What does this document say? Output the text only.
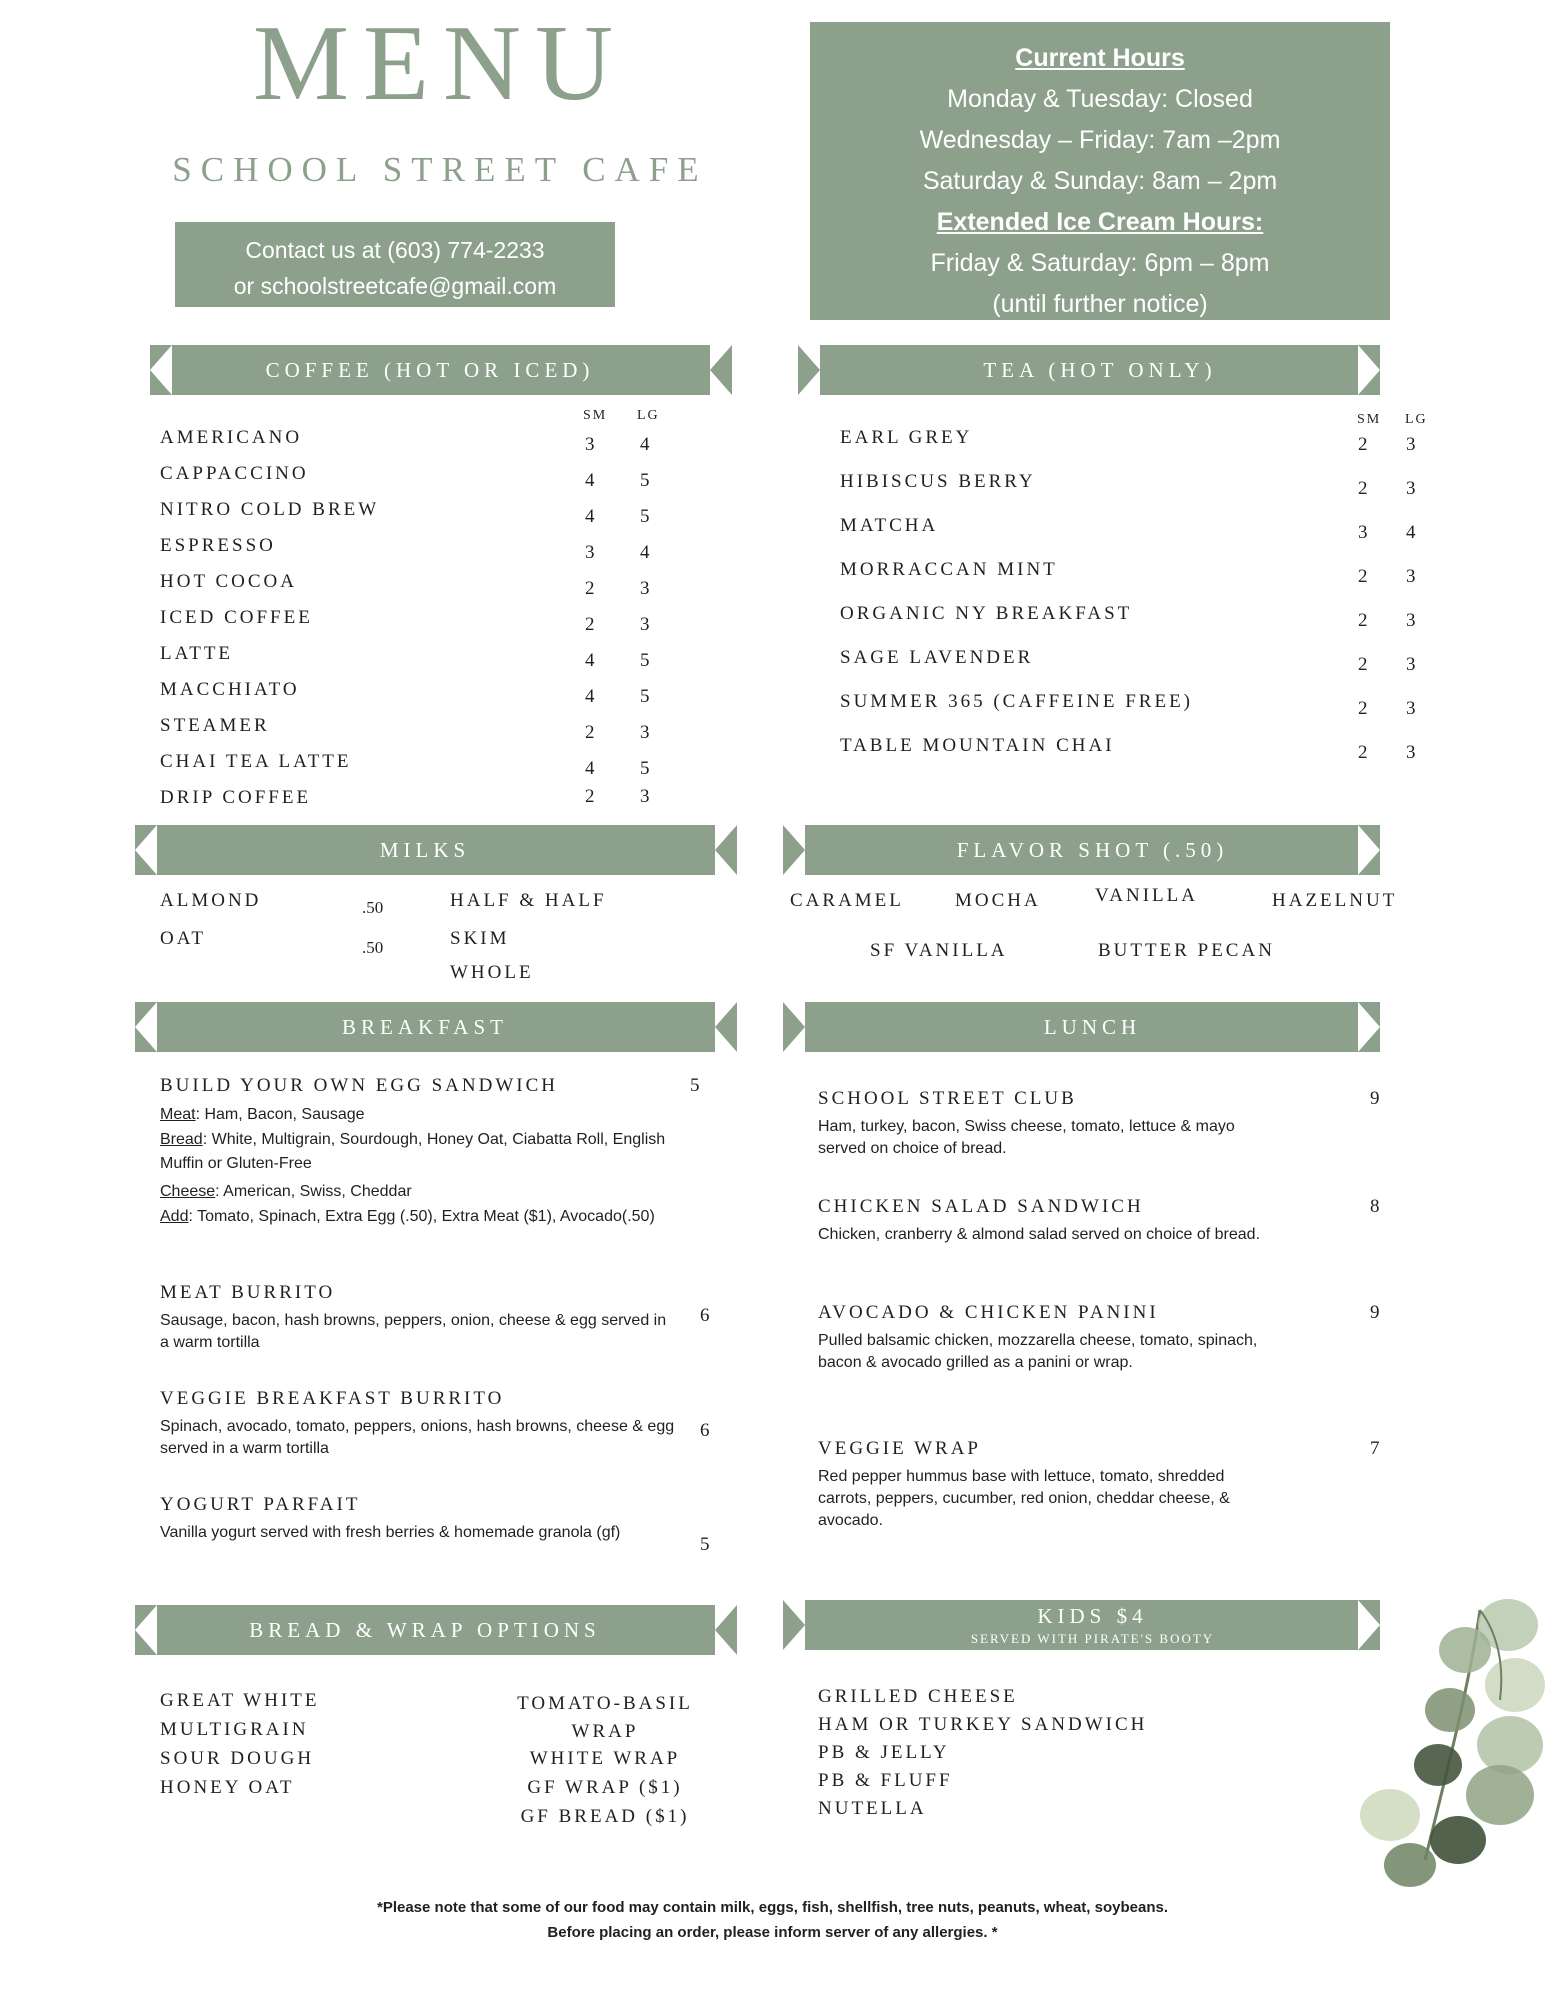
MENU
SCHOOL STREET CAFE
Contact us at (603) 774-2233
or schoolstreetcafe@gmail.com
Current Hours
Monday & Tuesday: Closed
Wednesday – Friday: 7am –2pm
Saturday & Sunday: 8am – 2pm
Extended Ice Cream Hours:
Friday & Saturday: 6pm – 8pm
(until further notice)
COFFEE (HOT OR ICED)
SM LG
AMERICANO	3 4
CAPPACCINO	4 5
NITRO COLD BREW	4 5
ESPRESSO	3 4
HOT COCOA	2 3
ICED COFFEE	2 3
LATTE	4 5
MACCHIATO	4 5
STEAMER	2 3
CHAI TEA LATTE	4 5
DRIP COFFEE	2 3
TEA (HOT ONLY)
SM LG
EARL GREY	2 3
HIBISCUS BERRY	2 3
MATCHA	3 4
MORRACCAN MINT	2 3
ORGANIC NY BREAKFAST	2 3
SAGE LAVENDER	2 3
SUMMER 365 (CAFFEINE FREE)	2 3
TABLE MOUNTAIN CHAI	2 3
MILKS
ALMOND	.50
OAT	.50
HALF & HALF
SKIM
WHOLE
FLAVOR SHOT (.50)
CARAMEL	MOCHA	VANILLA	HAZELNUT
SF VANILLA	BUTTER PECAN
BREAKFAST
BUILD YOUR OWN EGG SANDWICH	5
Meat: Ham, Bacon, Sausage
Bread: White, Multigrain, Sourdough, Honey Oat, Ciabatta Roll, English Muffin or Gluten-Free
Cheese: American, Swiss, Cheddar
Add: Tomato, Spinach, Extra Egg (.50), Extra Meat ($1), Avocado(.50)
MEAT BURRITO
Sausage, bacon, hash browns, peppers, onion, cheese & egg served in a warm tortilla
6
VEGGIE BREAKFAST BURRITO
Spinach, avocado, tomato, peppers, onions, hash browns, cheese & egg served in a warm tortilla
6
YOGURT PARFAIT
Vanilla yogurt served with fresh berries & homemade granola (gf)
5
LUNCH
SCHOOL STREET CLUB
Ham, turkey, bacon, Swiss cheese, tomato, lettuce & mayo served on choice of bread.
9
CHICKEN SALAD SANDWICH
Chicken, cranberry & almond salad served on choice of bread.
8
AVOCADO & CHICKEN PANINI
Pulled balsamic chicken, mozzarella cheese, tomato, spinach, bacon & avocado grilled as a panini or wrap.
9
VEGGIE WRAP
Red pepper hummus base with lettuce, tomato, shredded carrots, peppers, cucumber, red onion, cheddar cheese, & avocado.
7
BREAD & WRAP OPTIONS
GREAT WHITE
MULTIGRAIN
SOUR DOUGH
HONEY OAT
TOMATO-BASIL WRAP
WHITE WRAP
GF WRAP ($1)
GF BREAD ($1)
KIDS $4
SERVED WITH PIRATE'S BOOTY
GRILLED CHEESE
HAM OR TURKEY SANDWICH
PB & JELLY
PB & FLUFF
NUTELLA
*Please note that some of our food may contain milk, eggs, fish, shellfish, tree nuts, peanuts, wheat, soybeans.
Before placing an order, please inform server of any allergies. *
